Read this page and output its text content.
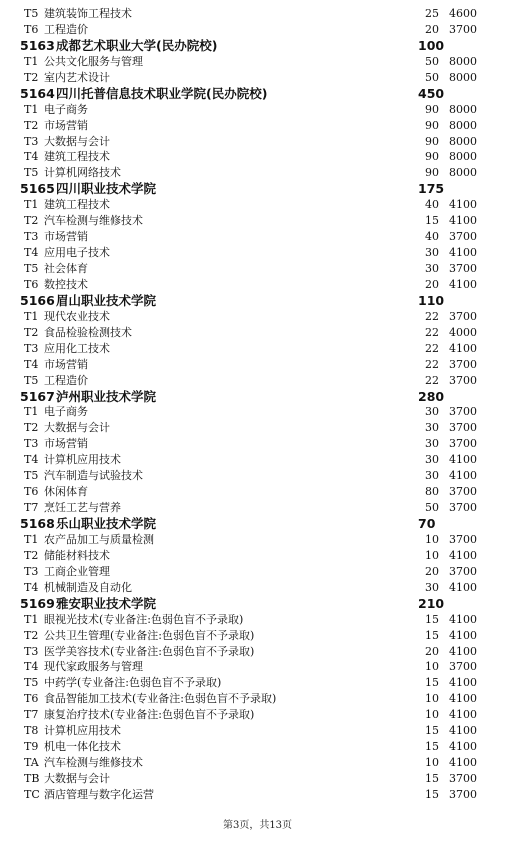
T5 建筑装饰工程技术	25 4600
T6 工程造价	20 3700
5163 成都艺术职业大学(民办院校)	100
T1 公共文化服务与管理	50 8000
T2 室内艺术设计	50 8000
5164 四川托普信息技术职业学院(民办院校)	450
T1 电子商务	90 8000
T2 市场营销	90 8000
T3 大数据与会计	90 8000
T4 建筑工程技术	90 8000
T5 计算机网络技术	90 8000
5165 四川职业技术学院	175
T1 建筑工程技术	40 4100
T2 汽车检测与维修技术	15 4100
T3 市场营销	40 3700
T4 应用电子技术	30 4100
T5 社会体育	30 3700
T6 数控技术	20 4100
5166 眉山职业技术学院	110
T1 现代农业技术	22 3700
T2 食品检验检测技术	22 4000
T3 应用化工技术	22 4100
T4 市场营销	22 3700
T5 工程造价	22 3700
5167 泸州职业技术学院	280
T1 电子商务	30 3700
T2 大数据与会计	30 3700
T3 市场营销	30 3700
T4 计算机应用技术	30 4100
T5 汽车制造与试验技术	30 4100
T6 休闲体育	80 3700
T7 烹饪工艺与营养	50 3700
5168 乐山职业技术学院	70
T1 农产品加工与质量检测	10 3700
T2 储能材料技术	10 4100
T3 工商企业管理	20 3700
T4 机械制造及自动化	30 4100
5169 雅安职业技术学院	210
T1 眼视光技术(专业备注:色弱色盲不予录取)	15 4100
T2 公共卫生管理(专业备注:色弱色盲不予录取)	15 4100
T3 医学美容技术(专业备注:色弱色盲不予录取)	20 4100
T4 现代家政服务与管理	10 3700
T5 中药学(专业备注:色弱色盲不予录取)	15 4100
T6 食品智能加工技术(专业备注:色弱色盲不予录取)	10 4100
T7 康复治疗技术(专业备注:色弱色盲不予录取)	10 4100
T8 计算机应用技术	15 4100
T9 机电一体化技术	15 4100
TA 汽车检测与维修技术	10 4100
TB 大数据与会计	15 3700
TC 酒店管理与数字化运营	15 3700
第3页，共13页
